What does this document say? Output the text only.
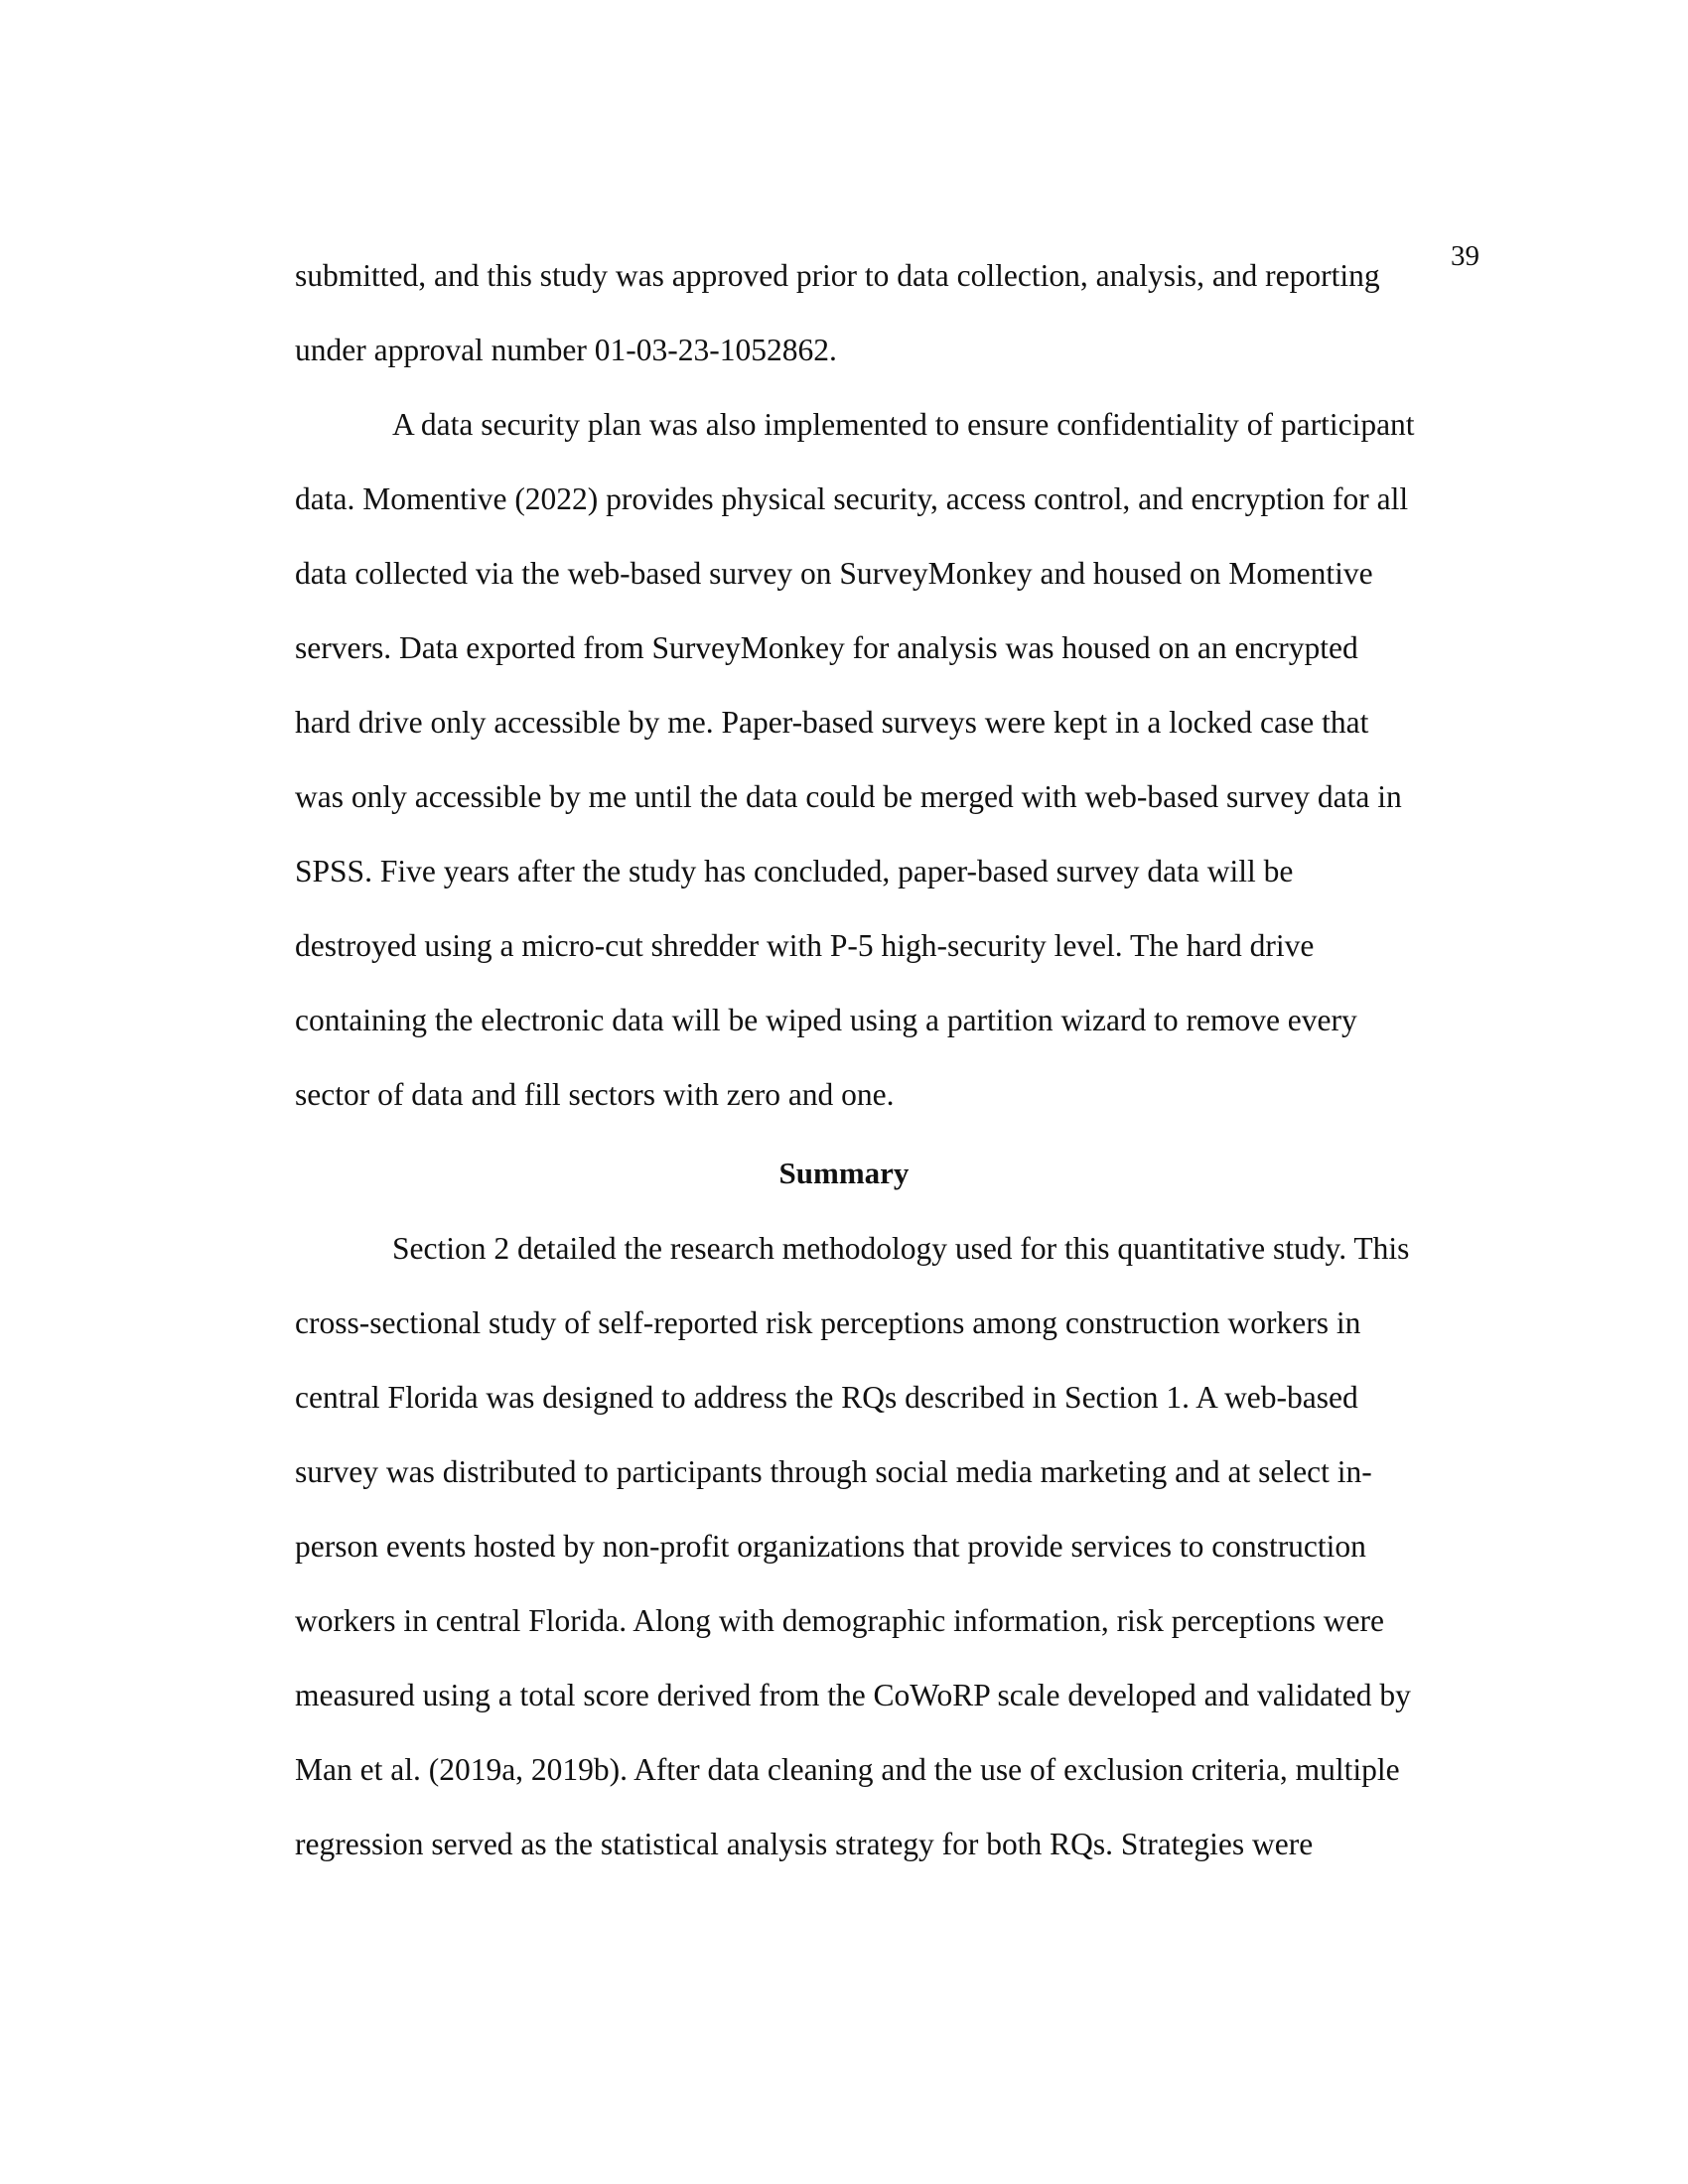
39
submitted, and this study was approved prior to data collection, analysis, and reporting
under approval number 01-03-23-1052862.
A data security plan was also implemented to ensure confidentiality of participant
data. Momentive (2022) provides physical security, access control, and encryption for all
data collected via the web-based survey on SurveyMonkey and housed on Momentive
servers. Data exported from SurveyMonkey for analysis was housed on an encrypted
hard drive only accessible by me. Paper-based surveys were kept in a locked case that
was only accessible by me until the data could be merged with web-based survey data in
SPSS. Five years after the study has concluded, paper-based survey data will be
destroyed using a micro-cut shredder with P-5 high-security level. The hard drive
containing the electronic data will be wiped using a partition wizard to remove every
sector of data and fill sectors with zero and one.
Summary
Section 2 detailed the research methodology used for this quantitative study. This
cross-sectional study of self-reported risk perceptions among construction workers in
central Florida was designed to address the RQs described in Section 1. A web-based
survey was distributed to participants through social media marketing and at select in-
person events hosted by non-profit organizations that provide services to construction
workers in central Florida. Along with demographic information, risk perceptions were
measured using a total score derived from the CoWoRP scale developed and validated by
Man et al. (2019a, 2019b). After data cleaning and the use of exclusion criteria, multiple
regression served as the statistical analysis strategy for both RQs. Strategies were
